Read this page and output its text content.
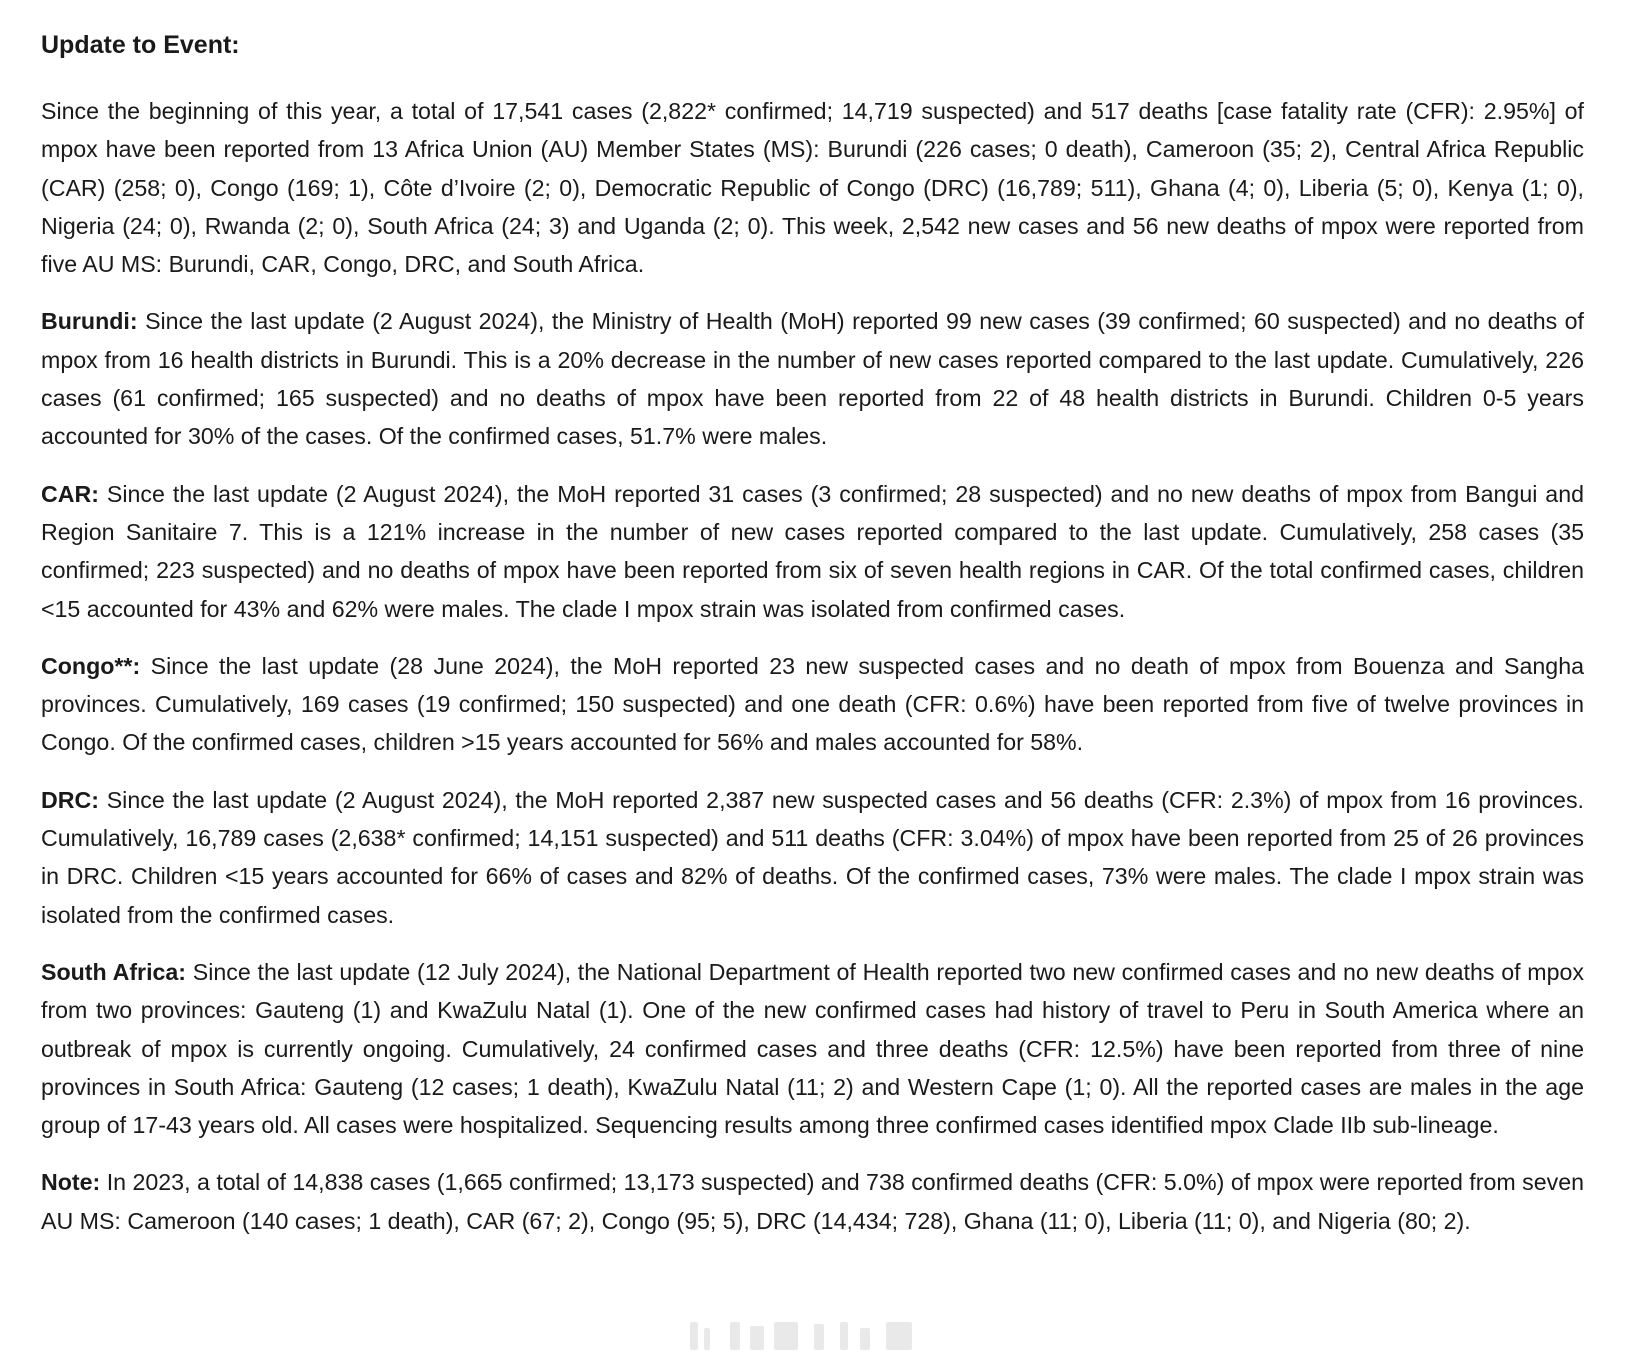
Update to Event:

Since the beginning of this year, a total of 17,541 cases (2,822* confirmed; 14,719 suspected) and 517 deaths [case fatality rate (CFR): 2.95%] of mpox have been reported from 13 Africa Union (AU) Member States (MS): Burundi (226 cases; 0 death), Cameroon (35; 2), Central Africa Republic (CAR) (258; 0), Congo (169; 1), Côte d’Ivoire (2; 0), Democratic Republic of Congo (DRC) (16,789; 511), Ghana (4; 0), Liberia (5; 0), Kenya (1; 0), Nigeria (24; 0), Rwanda (2; 0), South Africa (24; 3) and Uganda (2; 0). This week, 2,542 new cases and 56 new deaths of mpox were reported from five AU MS: Burundi, CAR, Congo, DRC, and South Africa.

Burundi: Since the last update (2 August 2024), the Ministry of Health (MoH) reported 99 new cases (39 confirmed; 60 suspected) and no deaths of mpox from 16 health districts in Burundi. This is a 20% decrease in the number of new cases reported compared to the last update. Cumulatively, 226 cases (61 confirmed; 165 suspected) and no deaths of mpox have been reported from 22 of 48 health districts in Burundi. Children 0-5 years accounted for 30% of the cases. Of the confirmed cases, 51.7% were males.

CAR: Since the last update (2 August 2024), the MoH reported 31 cases (3 confirmed; 28 suspected) and no new deaths of mpox from Bangui and Region Sanitaire 7. This is a 121% increase in the number of new cases reported compared to the last update. Cumulatively, 258 cases (35 confirmed; 223 suspected) and no deaths of mpox have been reported from six of seven health regions in CAR. Of the total confirmed cases, children <15 accounted for 43% and 62% were males. The clade I mpox strain was isolated from confirmed cases.

Congo**: Since the last update (28 June 2024), the MoH reported 23 new suspected cases and no death of mpox from Bouenza and Sangha provinces. Cumulatively, 169 cases (19 confirmed; 150 suspected) and one death (CFR: 0.6%) have been reported from five of twelve provinces in Congo. Of the confirmed cases, children >15 years accounted for 56% and males accounted for 58%.

DRC: Since the last update (2 August 2024), the MoH reported 2,387 new suspected cases and 56 deaths (CFR: 2.3%) of mpox from 16 provinces. Cumulatively, 16,789 cases (2,638* confirmed; 14,151 suspected) and 511 deaths (CFR: 3.04%) of mpox have been reported from 25 of 26 provinces in DRC. Children <15 years accounted for 66% of cases and 82% of deaths. Of the confirmed cases, 73% were males. The clade I mpox strain was isolated from the confirmed cases.

South Africa: Since the last update (12 July 2024), the National Department of Health reported two new confirmed cases and no new deaths of mpox from two provinces: Gauteng (1) and KwaZulu Natal (1). One of the new confirmed cases had history of travel to Peru in South America where an outbreak of mpox is currently ongoing. Cumulatively, 24 confirmed cases and three deaths (CFR: 12.5%) have been reported from three of nine provinces in South Africa: Gauteng (12 cases; 1 death), KwaZulu Natal (11; 2) and Western Cape (1; 0). All the reported cases are males in the age group of 17-43 years old. All cases were hospitalized. Sequencing results among three confirmed cases identified mpox Clade IIb sub-lineage.

Note: In 2023, a total of 14,838 cases (1,665 confirmed; 13,173 suspected) and 738 confirmed deaths (CFR: 5.0%) of mpox were reported from seven AU MS: Cameroon (140 cases; 1 death), CAR (67; 2), Congo (95; 5), DRC (14,434; 728), Ghana (11; 0), Liberia (11; 0), and Nigeria (80; 2).
